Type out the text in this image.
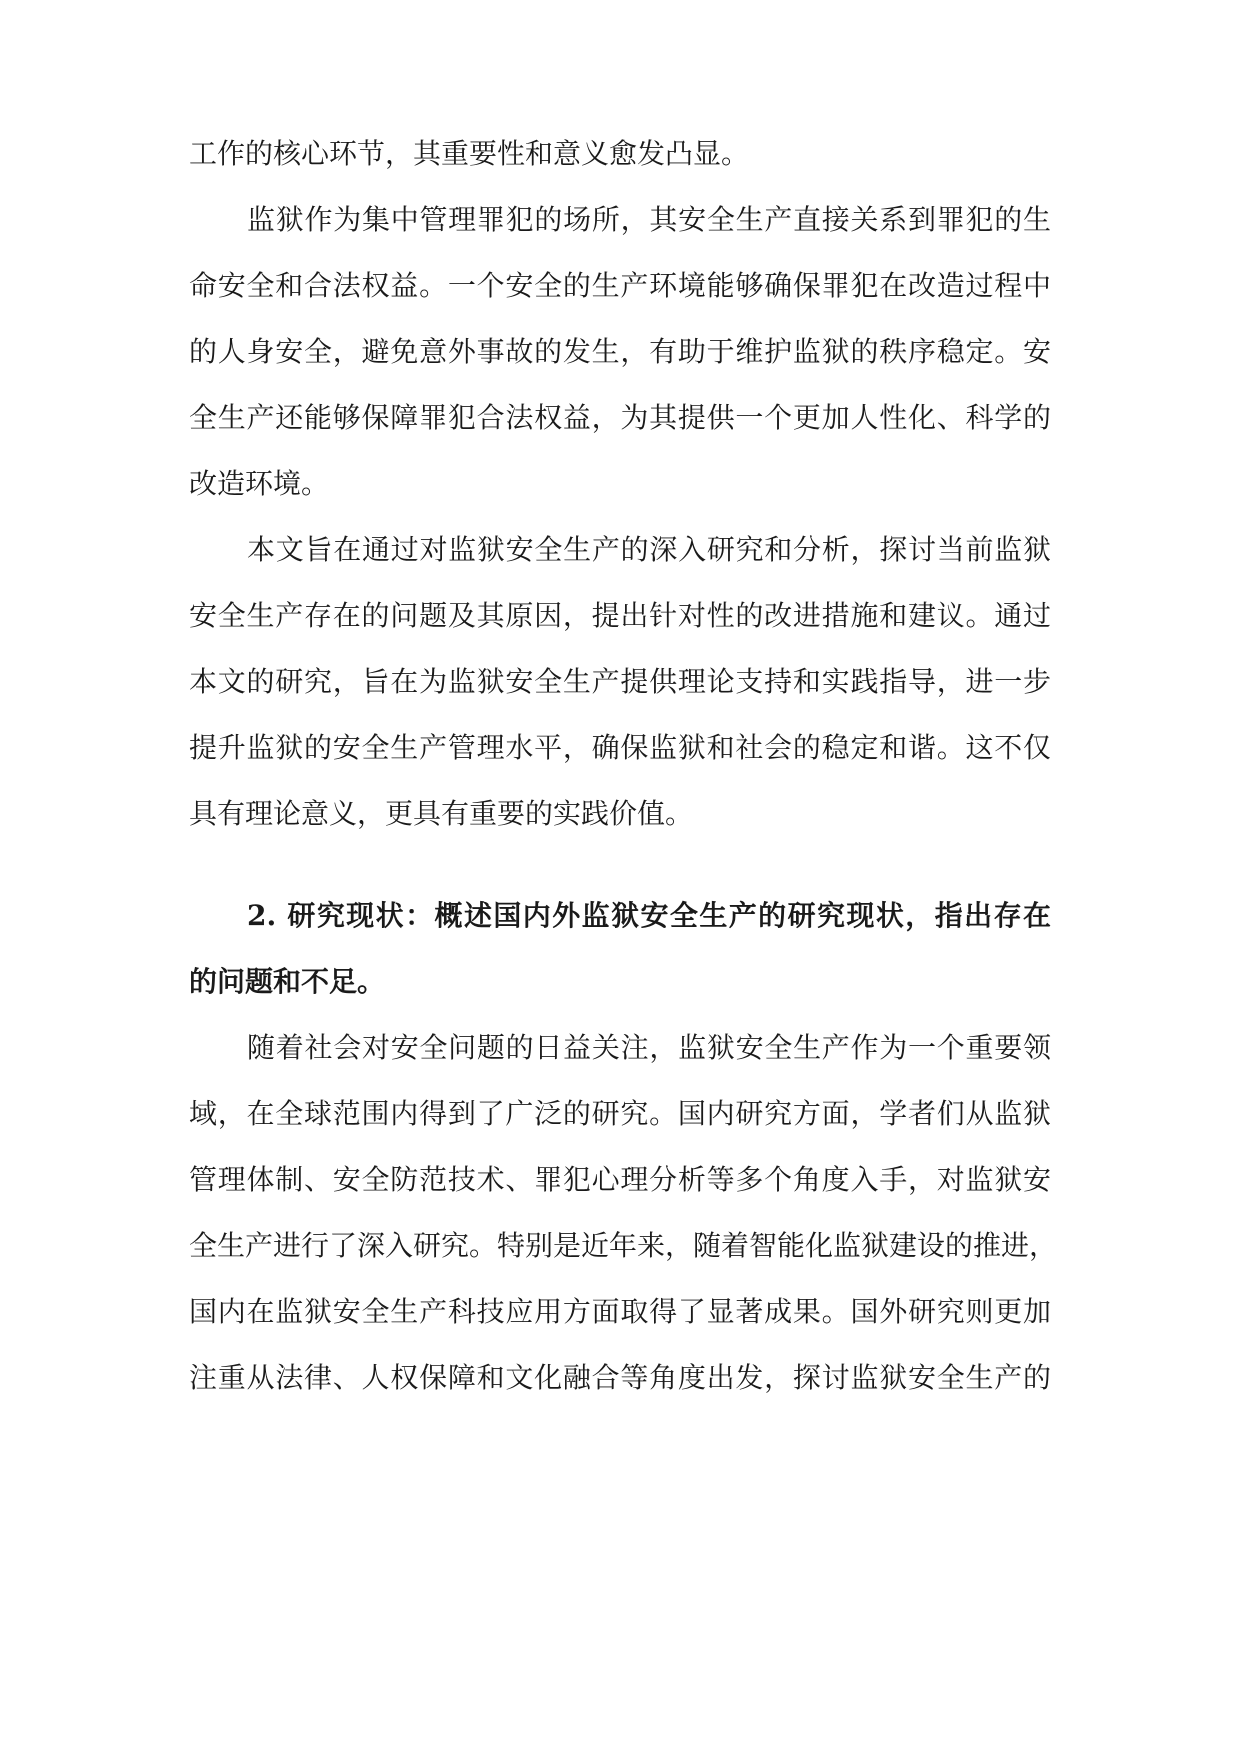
工作的核心环节，其重要性和意义愈发凸显。
监狱作为集中管理罪犯的场所，其安全生产直接关系到罪犯的生
命安全和合法权益。一个安全的生产环境能够确保罪犯在改造过程中
的人身安全，避免意外事故的发生，有助于维护监狱的秩序稳定。安
全生产还能够保障罪犯合法权益，为其提供一个更加人性化、科学的
改造环境。
本文旨在通过对监狱安全生产的深入研究和分析，探讨当前监狱
安全生产存在的问题及其原因，提出针对性的改进措施和建议。通过
本文的研究，旨在为监狱安全生产提供理论支持和实践指导，进一步
提升监狱的安全生产管理水平，确保监狱和社会的稳定和谐。这不仅
具有理论意义，更具有重要的实践价值。
2. 研究现状：概述国内外监狱安全生产的研究现状，指出存在
的问题和不足。
随着社会对安全问题的日益关注，监狱安全生产作为一个重要领
域，在全球范围内得到了广泛的研究。国内研究方面，学者们从监狱
管理体制、安全防范技术、罪犯心理分析等多个角度入手，对监狱安
全生产进行了深入研究。特别是近年来，随着智能化监狱建设的推进，
国内在监狱安全生产科技应用方面取得了显著成果。国外研究则更加
注重从法律、人权保障和文化融合等角度出发，探讨监狱安全生产的
